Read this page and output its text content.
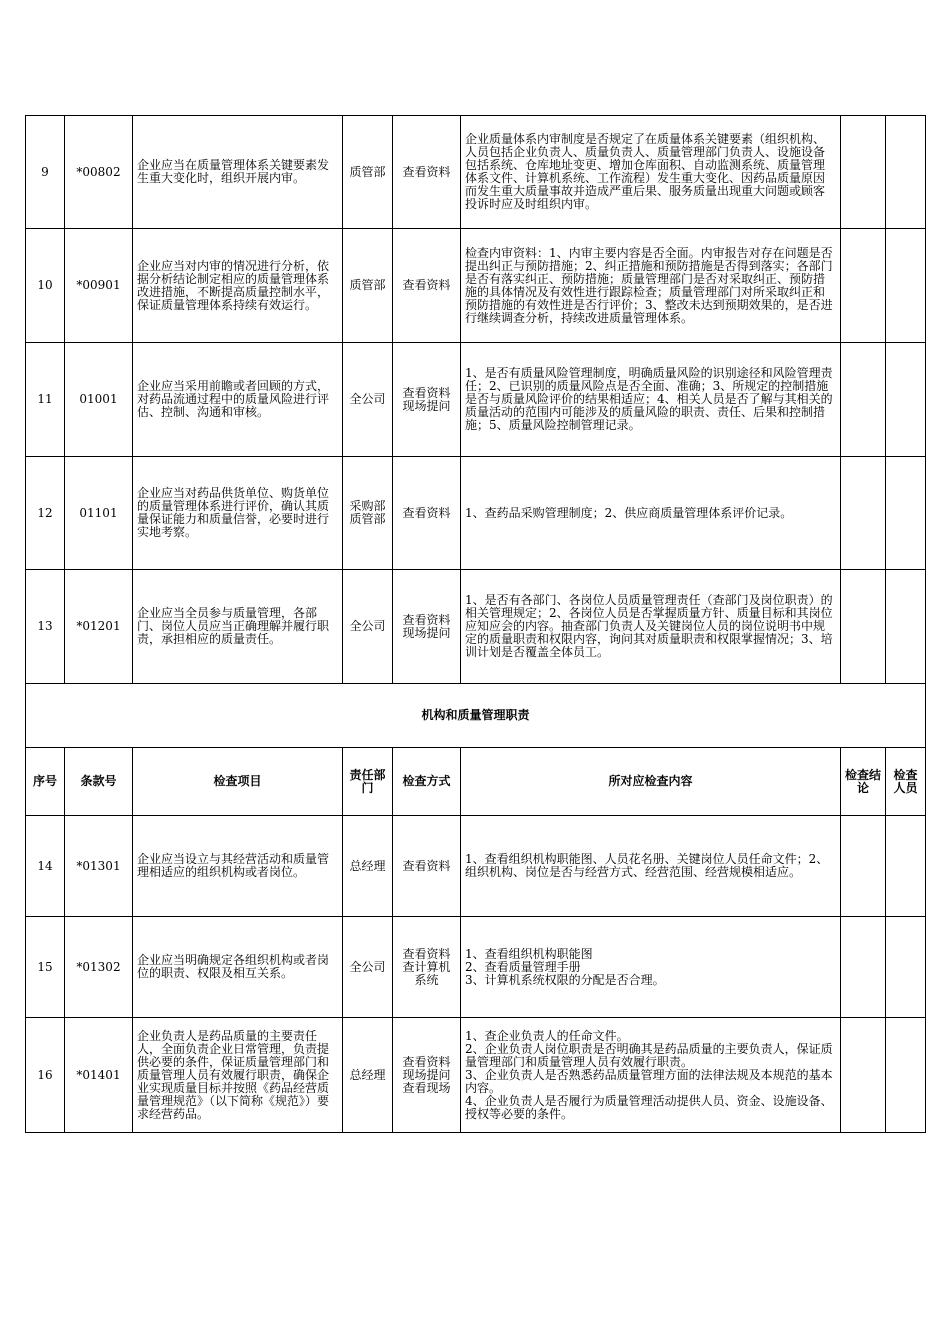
9	*00802	企业应当在质量管理体系关键要素发生重大变化时，组织开展内审。	质管部	查看资料	企业质量体系内审制度是否规定了在质量体系关键要素（组织机构、人员包括企业负责人、质量负责人、质量管理部门负责人、设施设备包括系统、仓库地址变更、增加仓库面积、自动监测系统、质量管理体系文件、计算机系统、工作流程）发生重大变化、因药品质量原因而发生重大质量事故并造成严重后果、服务质量出现重大问题或顾客投诉时应及时组织内审。		
10	*00901	企业应当对内审的情况进行分析，依据分析结论制定相应的质量管理体系改进措施，不断提高质量控制水平，保证质量管理体系持续有效运行。	质管部	查看资料	检查内审资料：1、内审主要内容是否全面。内审报告对存在问题是否提出纠正与预防措施；2、纠正措施和预防措施是否得到落实；各部门是否有落实纠正、预防措施；质量管理部门是否对采取纠正、预防措施的具体情况及有效性进行跟踪检查；质量管理部门对所采取纠正和预防措施的有效性进是否行评价；3、整改未达到预期效果的，是否进行继续调查分析，持续改进质量管理体系。		
11	01001	企业应当采用前瞻或者回顾的方式，对药品流通过程中的质量风险进行评估、控制、沟通和审核。	全公司	查看资料现场提问	1、是否有质量风险管理制度，明确质量风险的识别途径和风险管理责任；2、已识别的质量风险点是否全面、准确；3、所规定的控制措施是否与质量风险评价的结果相适应；4、相关人员是否了解与其相关的质量活动的范围内可能涉及的质量风险的职责、责任、后果和控制措施；5、质量风险控制管理记录。		
12	01101	企业应当对药品供货单位、购货单位的质量管理体系进行评价，确认其质量保证能力和质量信誉，必要时进行实地考察。	采购部质管部	查看资料	1、查药品采购管理制度；2、供应商质量管理体系评价记录。		
13	*01201	企业应当全员参与质量管理，各部门、岗位人员应当正确理解并履行职责，承担相应的质量责任。	全公司	查看资料现场提问	1、是否有各部门、各岗位人员质量管理责任（查部门及岗位职责）的相关管理规定；2、各岗位人员是否掌握质量方针、质量目标和其岗位应知应会的内容。抽查部门负责人及关键岗位人员的岗位说明书中规定的质量职责和权限内容，询问其对质量职责和权限掌握情况；3、培训计划是否覆盖全体员工。		
机构和质量管理职责							
序号	条款号	检查项目	责任部门	检查方式	所对应检查内容	检查结论	检查人员
14	*01301	企业应当设立与其经营活动和质量管理相适应的组织机构或者岗位。	总经理	查看资料	1、查看组织机构职能图、人员花名册、关键岗位人员任命文件；2、组织机构、岗位是否与经营方式、经营范围、经营规模相适应。		
15	*01302	企业应当明确规定各组织机构或者岗位的职责、权限及相互关系。	全公司	查看资料查计算机系统	1、查看组织机构职能图
2、查看质量管理手册
3、计算机系统权限的分配是否合理。		
16	*01401	企业负责人是药品质量的主要责任人，全面负责企业日常管理，负责提供必要的条件，保证质量管理部门和质量管理人员有效履行职责，确保企业实现质量目标并按照《药品经营质量管理规范》（以下简称《规范》）要求经营药品。	总经理	查看资料现场提问查看现场	1、查企业负责人的任命文件。
2、企业负责人岗位职责是否明确其是药品质量的主要负责人，保证质量管理部门和质量管理人员有效履行职责。
3、企业负责人是否熟悉药品质量管理方面的法律法规及本规范的基本内容。
4、企业负责人是否履行为质量管理活动提供人员、资金、设施设备、授权等必要的条件。		
